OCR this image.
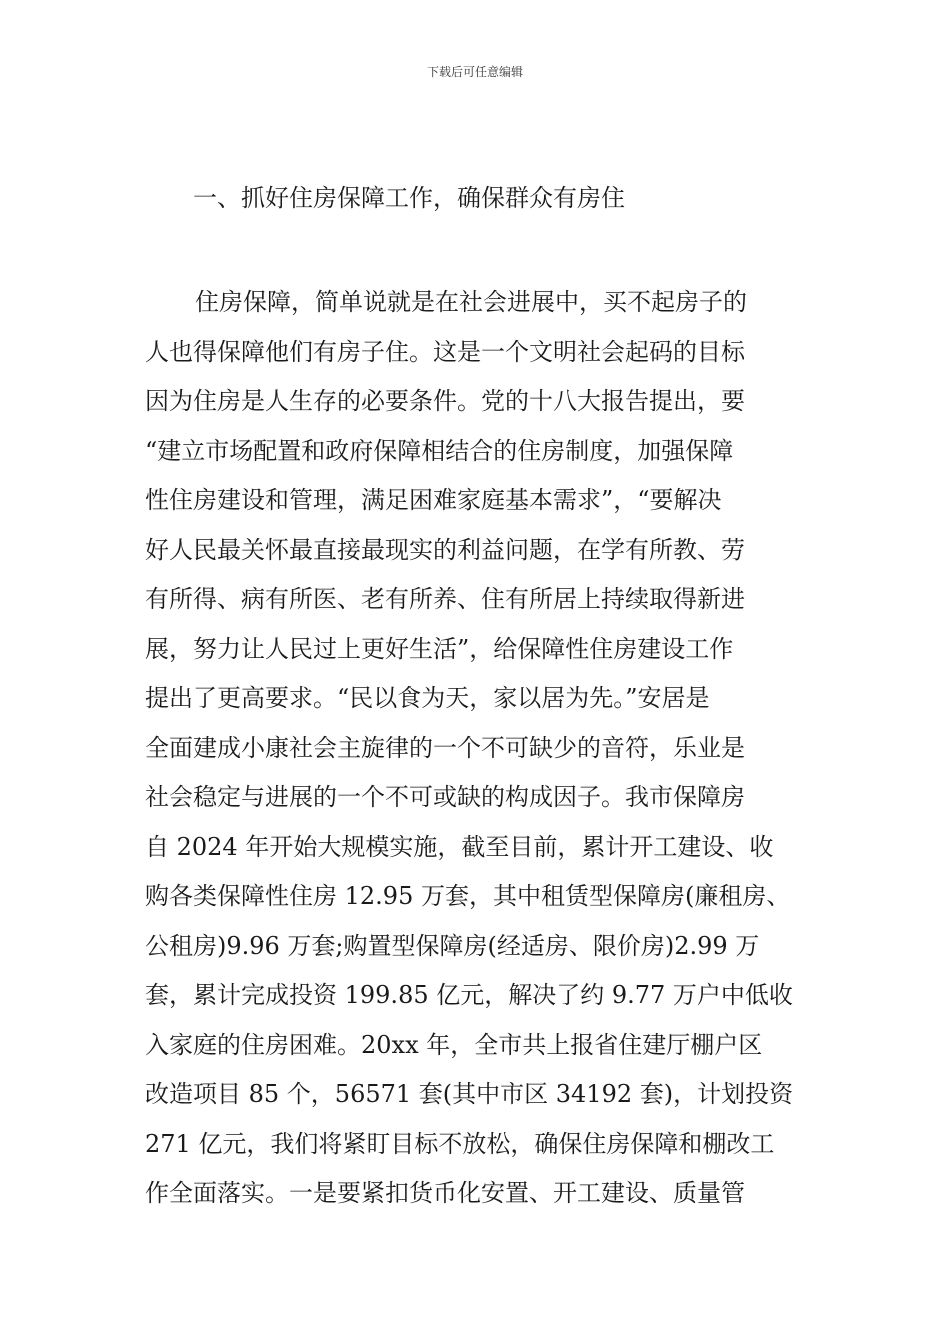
下载后可任意编辑
一、抓好住房保障工作，确保群众有房住
住房保障，简单说就是在社会进展中，买不起房子的
人也得保障他们有房子住。这是一个文明社会起码的目标
因为住房是人生存的必要条件。党的十八大报告提出，要
“建立市场配置和政府保障相结合的住房制度，加强保障
性住房建设和管理，满足困难家庭基本需求”，“要解决
好人民最关怀最直接最现实的利益问题，在学有所教、劳
有所得、病有所医、老有所养、住有所居上持续取得新进
展，努力让人民过上更好生活”，给保障性住房建设工作
提出了更高要求。“民以食为天，家以居为先。”安居是
全面建成小康社会主旋律的一个不可缺少的音符，乐业是
社会稳定与进展的一个不可或缺的构成因子。我市保障房
自 2024 年开始大规模实施，截至目前，累计开工建设、收
购各类保障性住房 12.95 万套，其中租赁型保障房(廉租房、
公租房)9.96 万套;购置型保障房(经适房、限价房)2.99 万
套，累计完成投资 199.85 亿元，解决了约 9.77 万户中低收
入家庭的住房困难。20xx 年，全市共上报省住建厅棚户区
改造项目 85 个，56571 套(其中市区 34192 套)，计划投资
271 亿元，我们将紧盯目标不放松，确保住房保障和棚改工
作全面落实。一是要紧扣货币化安置、开工建设、质量管
